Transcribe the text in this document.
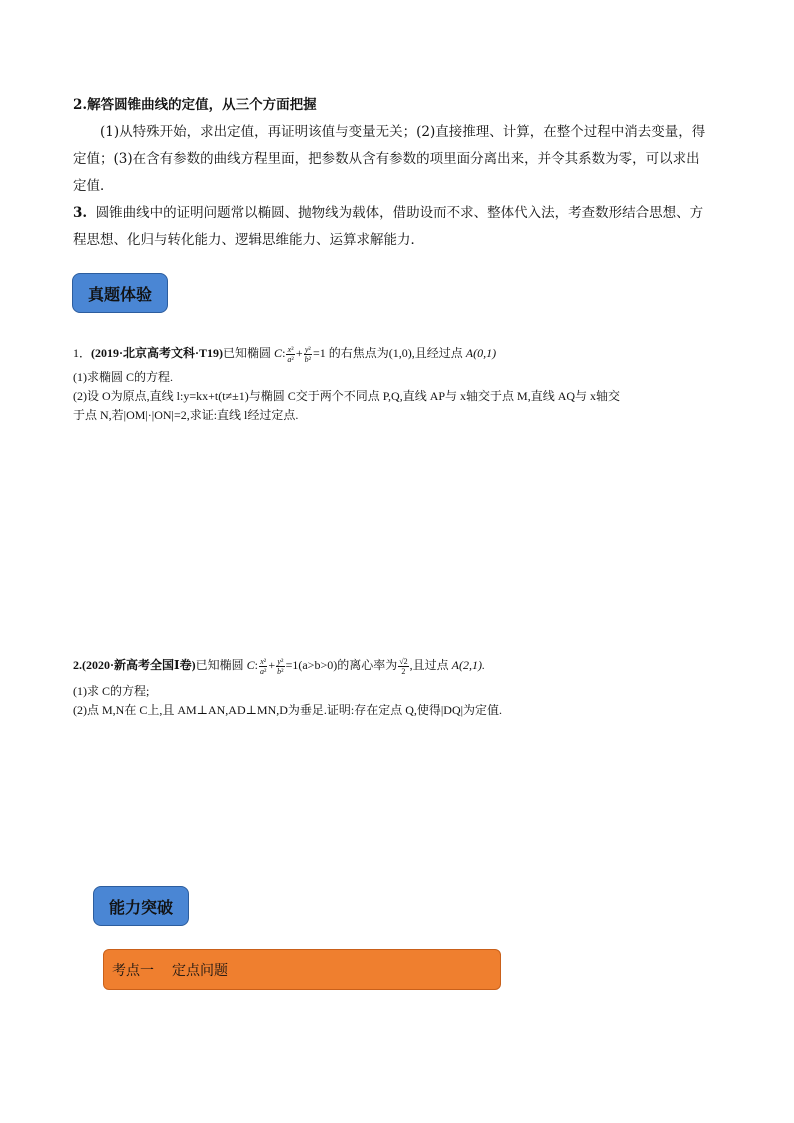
2.解答圆锥曲线的定值，从三个方面把握
(1)从特殊开始，求出定值，再证明该值与变量无关；(2)直接推理、计算，在整个过程中消去变量，得
定值；(3)在含有参数的曲线方程里面，把参数从含有参数的项里面分离出来，并令其系数为零，可以求出
定值．
3. 圆锥曲线中的证明问题常以椭圆、抛物线为载体，借助设而不求、整体代入法，考查数形结合思想、方
程思想、化归与转化能力、逻辑思维能力、运算求解能力．
真题体验
1．(2019·北京高考文科·T19)已知椭圆 C: $\frac{\text{x²}}{\text{a²}} + \frac{\text{y²}}{\text{b²}} =1$ 的右焦点为(1,0),且经过点 A(0,1)
(1)求椭圆 C的方程.
(2)设 O为原点,直线 l:y=kx+t(t≠±1)与椭圆 C交于两个不同点 P,Q,直线 AP与 x轴交于点 M,直线 AQ与 x轴交
于点 N,若|OM|·|ON|=2,求证:直线 l经过定点.
2.(2020·新高考全国Ⅰ卷)已知椭圆 C: $\frac{\text{x²}}{\text{a²}} + \frac{\text{y²}}{\text{b²}} =1(a>b>0)$的离心率为 $\frac{√2}{2}$ ,且过点 A(2,1).
(1)求 C的方程;
(2)点 M,N在 C上,且 AM⊥AN,AD⊥MN,D为垂足.证明:存在定点 Q,使得|DQ|为定值.
能力突破
考点一 定点问题
